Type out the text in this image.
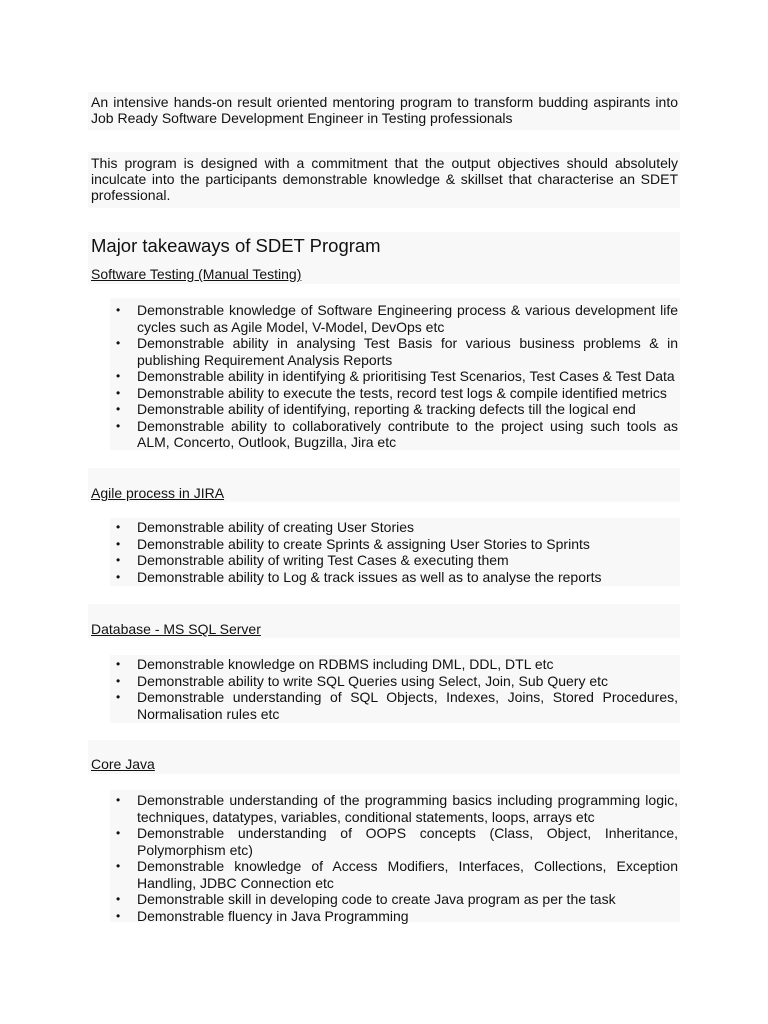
An intensive hands-on result oriented mentoring program to transform budding aspirants into Job Ready Software Development Engineer in Testing professionals

This program is designed with a commitment that the output objectives should absolutely inculcate into the participants demonstrable knowledge & skillset that characterise an SDET professional.

Major takeaways of SDET Program
Software Testing (Manual Testing)
• Demonstrable knowledge of Software Engineering process & various development life cycles such as Agile Model, V-Model, DevOps etc
• Demonstrable ability in analysing Test Basis for various business problems & in publishing Requirement Analysis Reports
• Demonstrable ability in identifying & prioritising Test Scenarios, Test Cases & Test Data
• Demonstrable ability to execute the tests, record test logs & compile identified metrics
• Demonstrable ability of identifying, reporting & tracking defects till the logical end
• Demonstrable ability to collaboratively contribute to the project using such tools as ALM, Concerto, Outlook, Bugzilla, Jira etc
Agile process in JIRA
• Demonstrable ability of creating User Stories
• Demonstrable ability to create Sprints & assigning User Stories to Sprints
• Demonstrable ability of writing Test Cases & executing them
• Demonstrable ability to Log & track issues as well as to analyse the reports
Database - MS SQL Server
• Demonstrable knowledge on RDBMS including DML, DDL, DTL etc
• Demonstrable ability to write SQL Queries using Select, Join, Sub Query etc
• Demonstrable understanding of SQL Objects, Indexes, Joins, Stored Procedures, Normalisation rules etc
Core Java
• Demonstrable understanding of the programming basics including programming logic, techniques, datatypes, variables, conditional statements, loops, arrays etc
• Demonstrable understanding of OOPS concepts (Class, Object, Inheritance, Polymorphism etc)
• Demonstrable knowledge of Access Modifiers, Interfaces, Collections, Exception Handling, JDBC Connection etc
• Demonstrable skill in developing code to create Java program as per the task
• Demonstrable fluency in Java Programming
